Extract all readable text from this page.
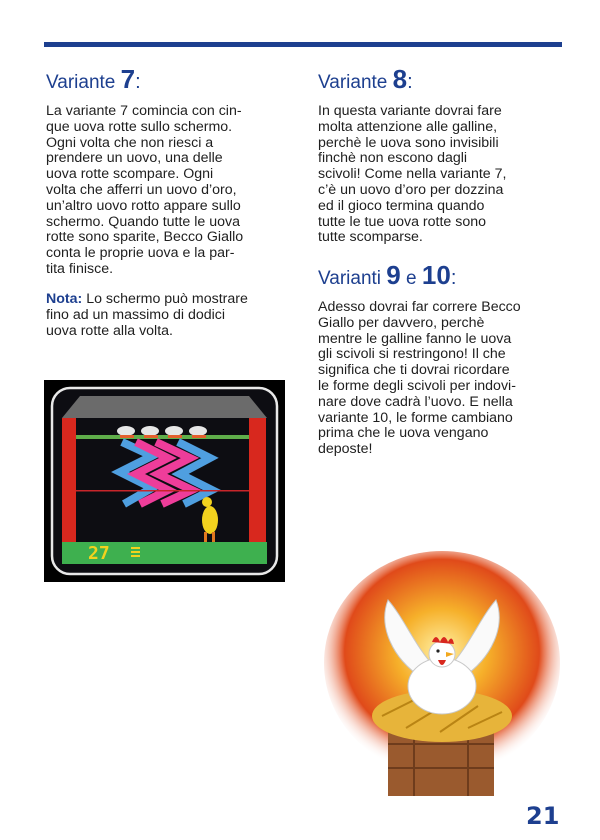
Variante 7:
La variante 7 comincia con cin-
que uova rotte sullo schermo.
Ogni volta che non riesci a
prendere un uovo, una delle
uova rotte scompare. Ogni
volta che afferri un uovo d’oro,
un’altro uovo rotto appare sullo
schermo. Quando tutte le uova
rotte sono sparite, Becco Giallo
conta le proprie uova e la par-
tita finisce.
Nota: Lo schermo può mostrare
fino ad un massimo di dodici
uova rotte alla volta.
Variante 8:
In questa variante dovrai fare
molta attenzione alle galline,
perchè le uova sono invisibili
finchè non escono dagli
scivoli! Come nella variante 7,
c’è un uovo d’oro per dozzina
ed il gioco termina quando
tutte le tue uova rotte sono
tutte scomparse.
Varianti 9 e 10:
Adesso dovrai far correre Becco
Giallo per davvero, perchè
mentre le galline fanno le uova
gli scivoli si restringono! Il che
significa che ti dovrai ricordare
le forme degli scivoli per indovi-
nare dove cadrà l’uovo. E nella
variante 10, le forme cambiano
prima che le uova vengano
deposte!
27
21
